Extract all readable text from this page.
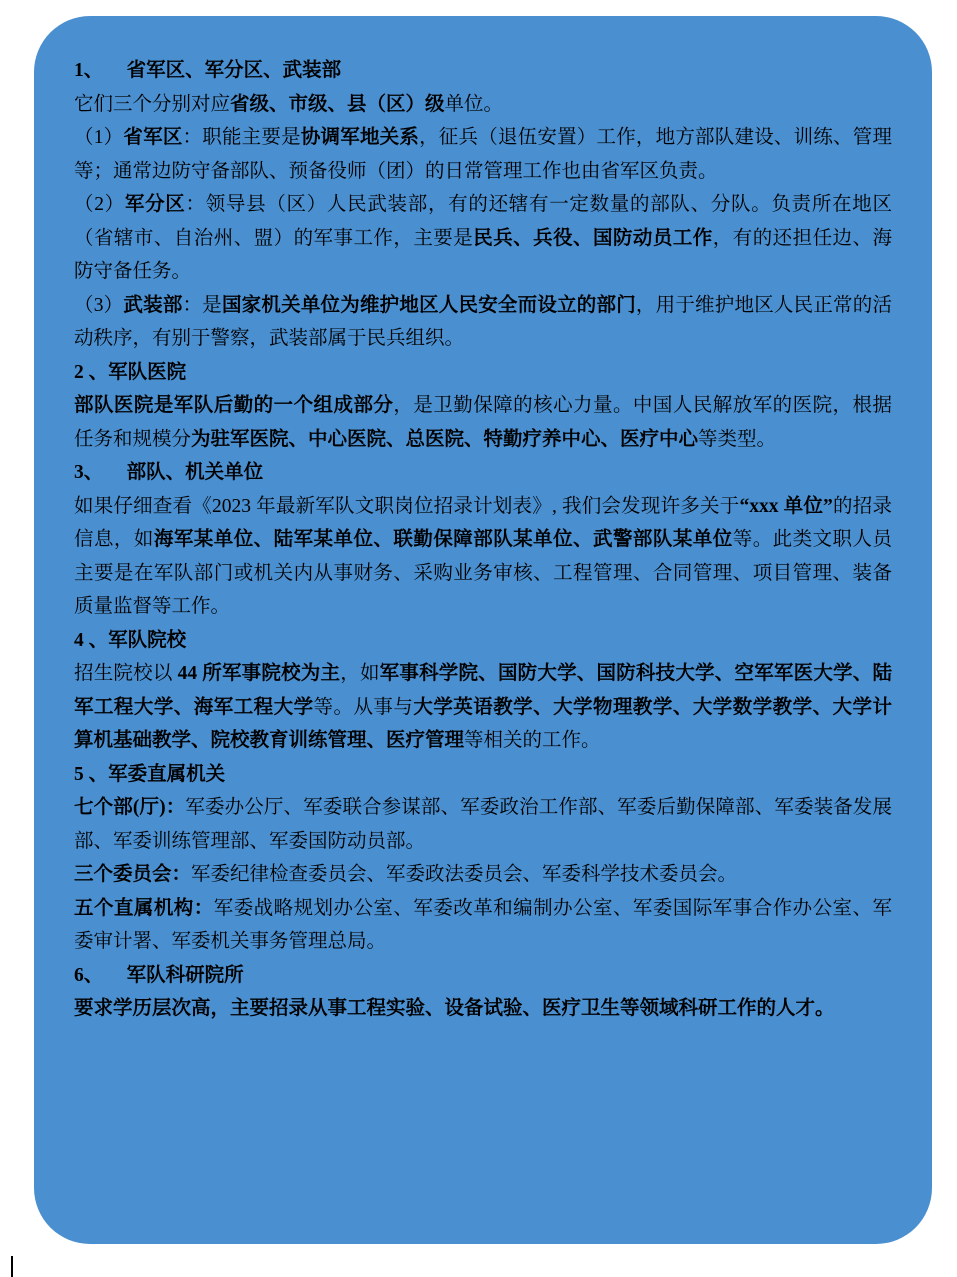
1、 省军区、军分区、武装部
它们三个分别对应省级、市级、县（区）级单位。
（1）省军区：职能主要是协调军地关系，征兵（退伍安置）工作，地方部队建设、训练、管理等；通常边防守备部队、预备役师（团）的日常管理工作也由省军区负责。
（2）军分区：领导县（区）人民武装部，有的还辖有一定数量的部队、分队。负责所在地区（省辖市、自治州、盟）的军事工作，主要是民兵、兵役、国防动员工作，有的还担任边、海防守备任务。
（3）武装部：是国家机关单位为维护地区人民安全而设立的部门，用于维护地区人民正常的活动秩序，有别于警察，武装部属于民兵组织。
2 、军队医院
部队医院是军队后勤的一个组成部分，是卫勤保障的核心力量。中国人民解放军的医院，根据任务和规模分为驻军医院、中心医院、总医院、特勤疗养中心、医疗中心等类型。
3、 部队、机关单位
如果仔细查看《2023 年最新军队文职岗位招录计划表》, 我们会发现许多关于“xxx 单位”的招录信息，如海军某单位、陆军某单位、联勤保障部队某单位、武警部队某单位等。此类文职人员主要是在军队部门或机关内从事财务、采购业务审核、工程管理、合同管理、项目管理、装备质量监督等工作。
4 、军队院校
招生院校以 44 所军事院校为主，如军事科学院、国防大学、国防科技大学、空军军医大学、陆军工程大学、海军工程大学等。从事与大学英语教学、大学物理教学、大学数学教学、大学计算机基础教学、院校教育训练管理、医疗管理等相关的工作。
5 、军委直属机关
七个部(厅)：军委办公厅、军委联合参谋部、军委政治工作部、军委后勤保障部、军委装备发展部、军委训练管理部、军委国防动员部。
三个委员会：军委纪律检查委员会、军委政法委员会、军委科学技术委员会。
五个直属机构：军委战略规划办公室、军委改革和编制办公室、军委国际军事合作办公室、军委审计署、军委机关事务管理总局。
6、 军队科研院所
要求学历层次高，主要招录从事工程实验、设备试验、医疗卫生等领域科研工作的人才。
